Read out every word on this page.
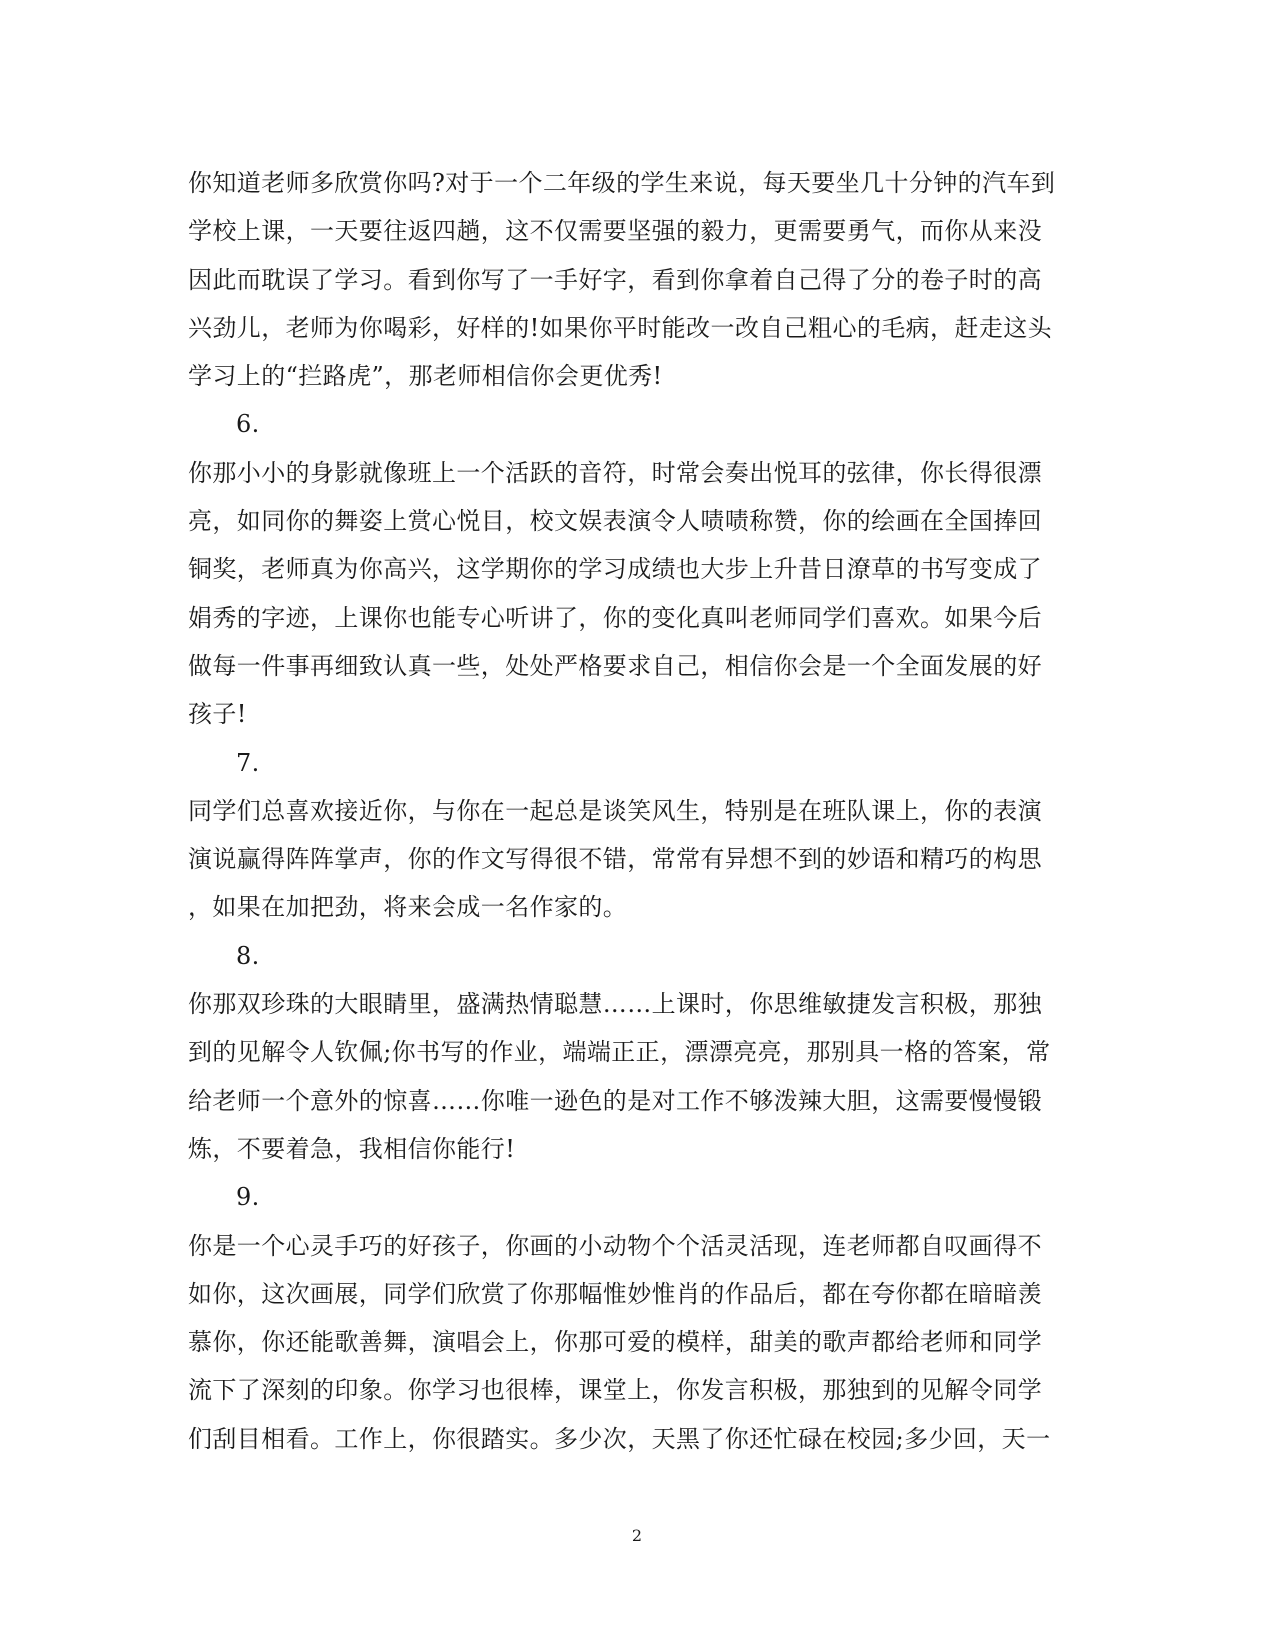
你知道老师多欣赏你吗?对于一个二年级的学生来说，每天要坐几十分钟的汽车到
学校上课，一天要往返四趟，这不仅需要坚强的毅力，更需要勇气，而你从来没
因此而耽误了学习。看到你写了一手好字，看到你拿着自己得了分的卷子时的高
兴劲儿，老师为你喝彩，好样的!如果你平时能改一改自己粗心的毛病，赶走这头
学习上的“拦路虎”，那老师相信你会更优秀!
6.
你那小小的身影就像班上一个活跃的音符，时常会奏出悦耳的弦律，你长得很漂
亮，如同你的舞姿上赏心悦目，校文娱表演令人啧啧称赞，你的绘画在全国捧回
铜奖，老师真为你高兴，这学期你的学习成绩也大步上升昔日潦草的书写变成了
娟秀的字迹，上课你也能专心听讲了，你的变化真叫老师同学们喜欢。如果今后
做每一件事再细致认真一些，处处严格要求自己，相信你会是一个全面发展的好
孩子!
7.
同学们总喜欢接近你，与你在一起总是谈笑风生，特别是在班队课上，你的表演
演说赢得阵阵掌声，你的作文写得很不错，常常有异想不到的妙语和精巧的构思
，如果在加把劲，将来会成一名作家的。
8.
你那双珍珠的大眼睛里，盛满热情聪慧……上课时，你思维敏捷发言积极，那独
到的见解令人钦佩;你书写的作业，端端正正，漂漂亮亮，那别具一格的答案，常
给老师一个意外的惊喜……你唯一逊色的是对工作不够泼辣大胆，这需要慢慢锻
炼，不要着急，我相信你能行!
9.
你是一个心灵手巧的好孩子，你画的小动物个个活灵活现，连老师都自叹画得不
如你，这次画展，同学们欣赏了你那幅惟妙惟肖的作品后，都在夸你都在暗暗羡
慕你，你还能歌善舞，演唱会上，你那可爱的模样，甜美的歌声都给老师和同学
流下了深刻的印象。你学习也很棒，课堂上，你发言积极，那独到的见解令同学
们刮目相看。工作上，你很踏实。多少次，天黑了你还忙碌在校园;多少回，天一
2
